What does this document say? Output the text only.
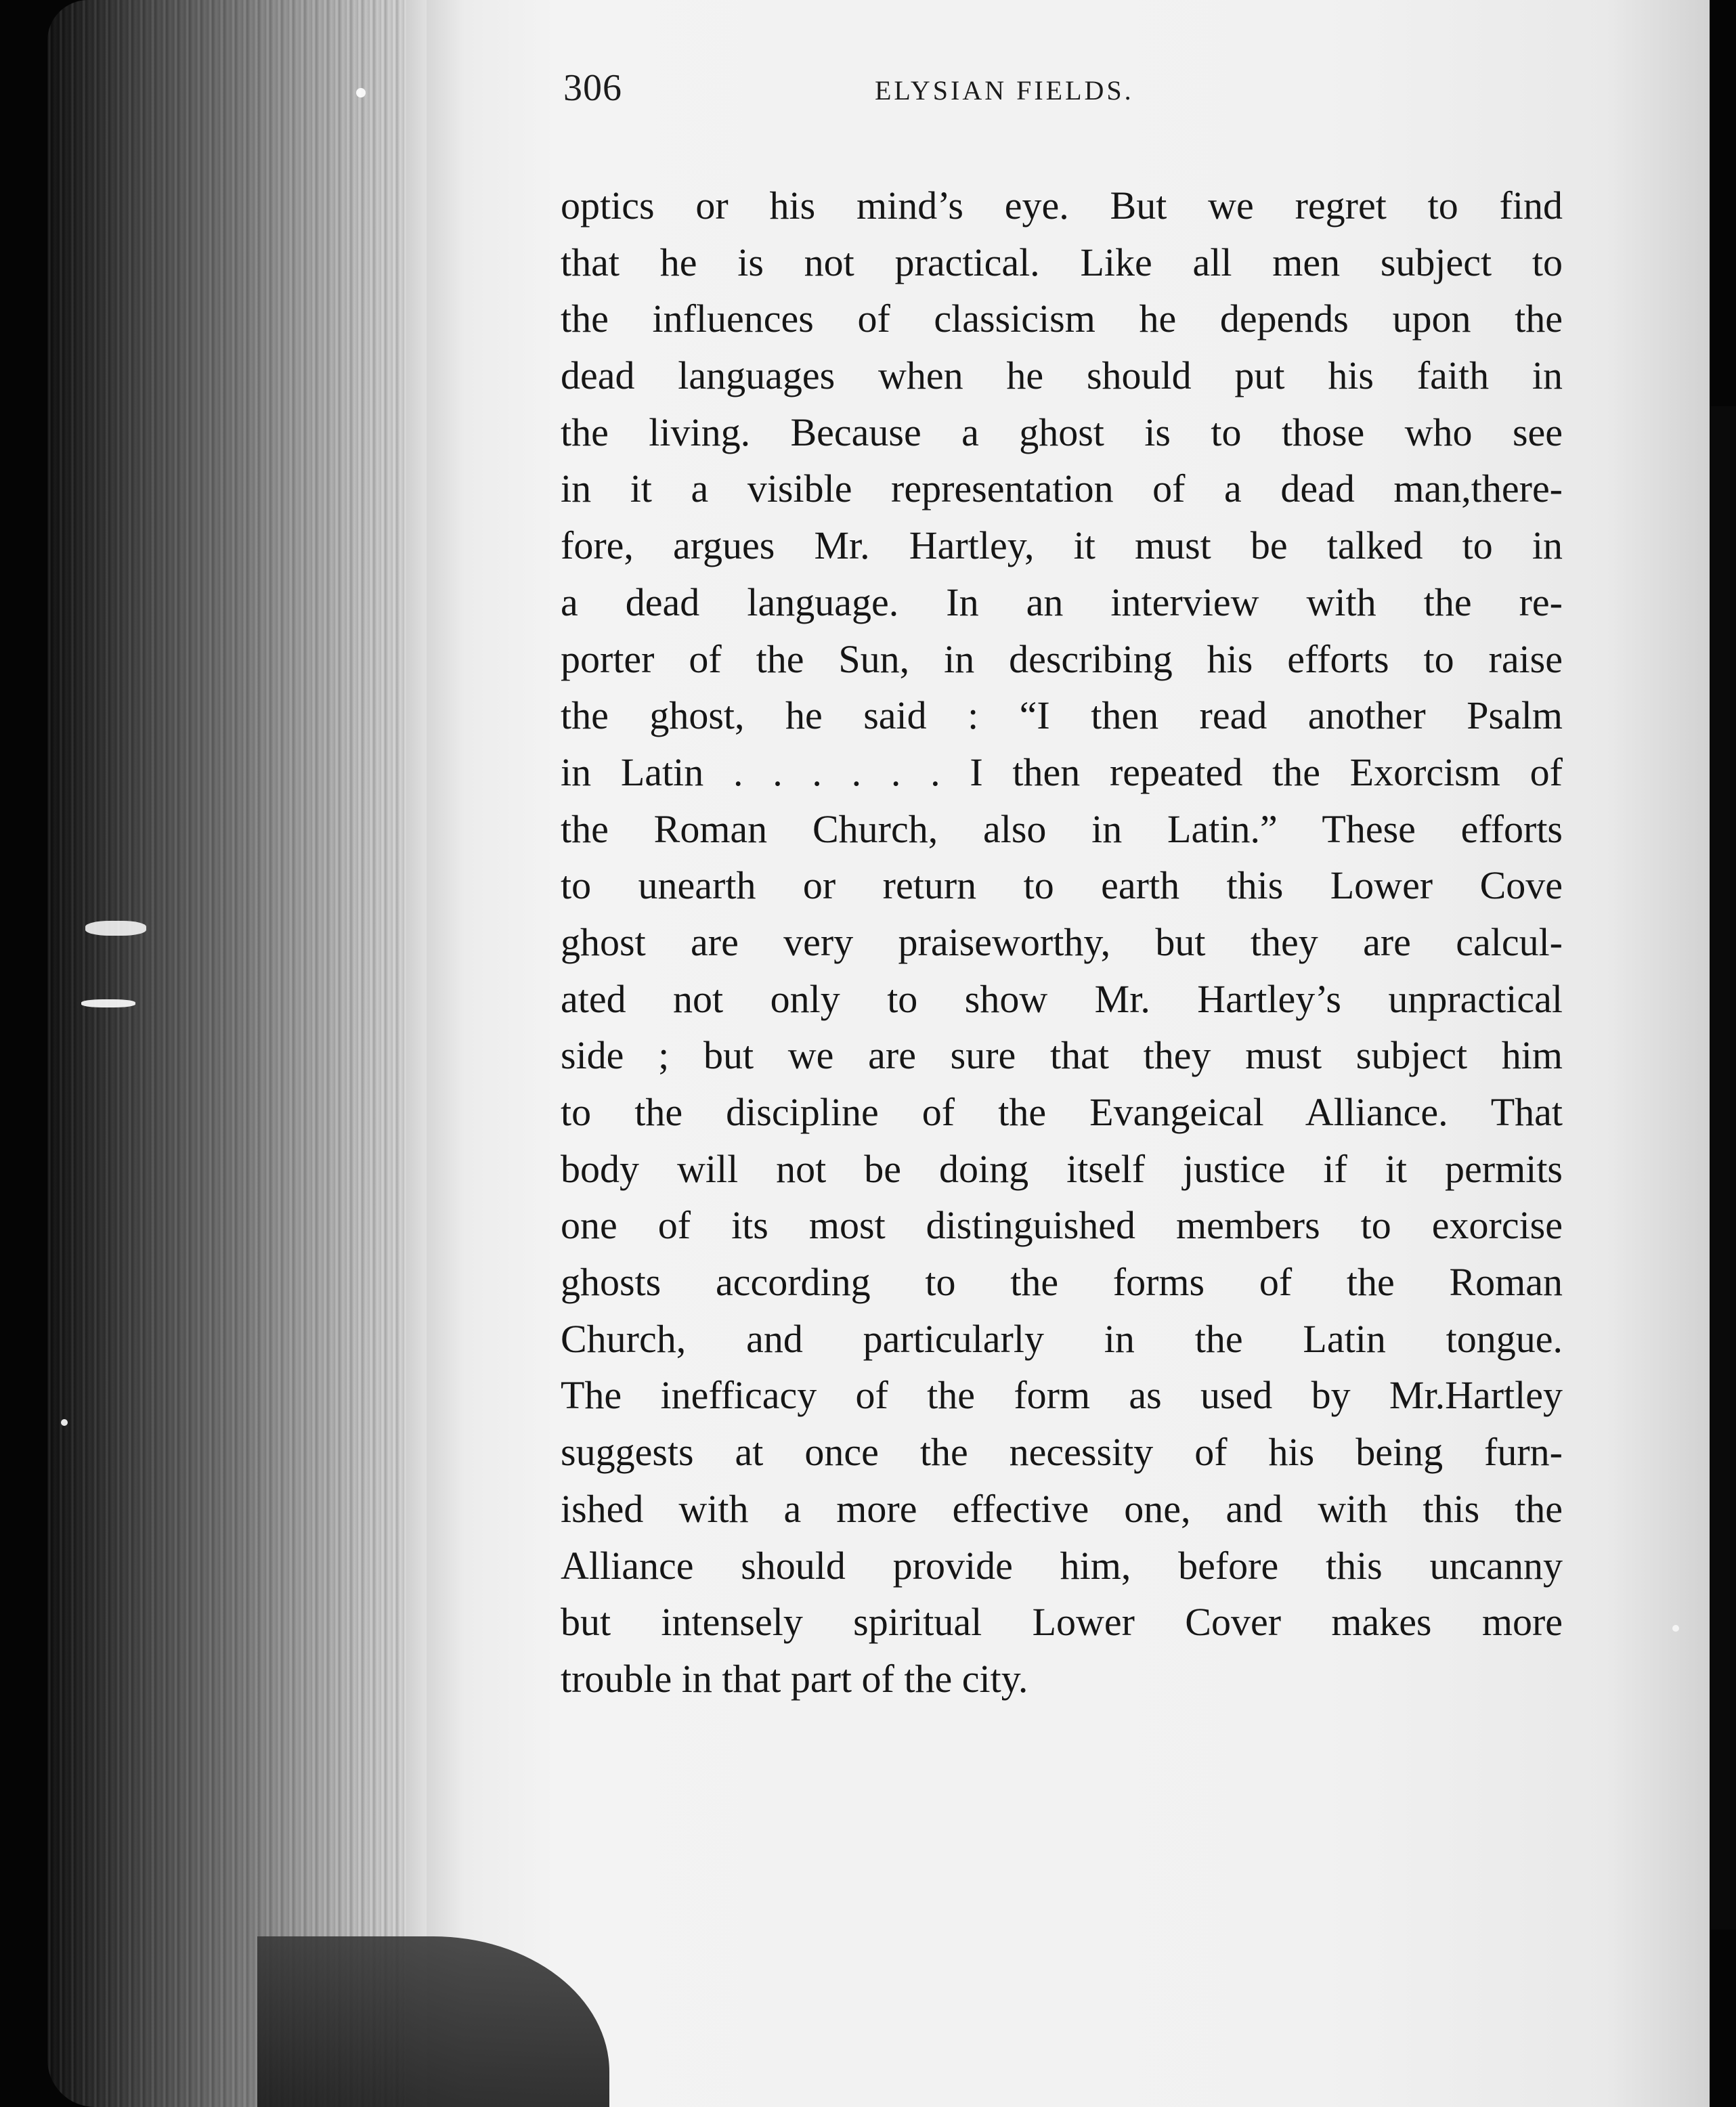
306	ELYSIAN FIELDS.
optics or his mind’s eye. But we regret to find
that he is not practical. Like all men subject to
the influences of classicism he depends upon the
dead languages when he should put his faith in
the living. Because a ghost is to those who see
in it a visible representation of a dead man,there-
fore, argues Mr. Hartley, it must be talked to in
a dead language. In an interview with the re-
porter of the Sun, in describing his efforts to raise
the ghost, he said : “I then read another Psalm
in Latin . . . . . . I then repeated the Exorcism of
the Roman Church, also in Latin.” These efforts
to unearth or return to earth this Lower Cove
ghost are very praiseworthy, but they are calcul-
ated not only to show Mr. Hartley’s unpractical
side ; but we are sure that they must subject him
to the discipline of the Evangeical Alliance. That
body will not be doing itself justice if it permits
one of its most distinguished members to exorcise
ghosts according to the forms of the Roman
Church, and particularly in the Latin tongue.
The inefficacy of the form as used by Mr.Hartley
suggests at once the necessity of his being furn-
ished with a more effective one, and with this the
Alliance should provide him, before this uncanny
but intensely spiritual Lower Cover makes more
trouble in that part of the city.
